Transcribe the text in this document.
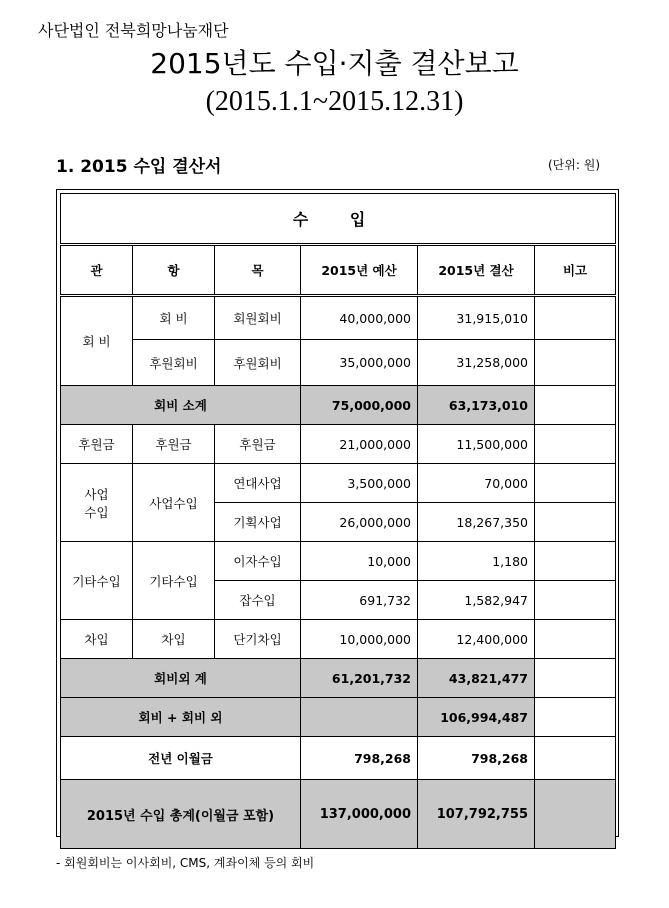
사단법인 전북희망나눔재단
2015년도 수입·지출 결산보고
(2015.1.1~2015.12.31)
1. 2015 수입 결산서	(단위: 원)
수 입					
관	항	목	2015년 예산	2015년 결산	비고
회 비	회 비	회원회비	40,000,000	31,915,010	
	후원회비	후원회비	35,000,000	31,258,000	
회비 소계			75,000,000	63,173,010	
후원금	후원금	후원금	21,000,000	11,500,000	
사업
수입	사업수입	연대사업	3,500,000	70,000	
		기획사업	26,000,000	18,267,350	
기타수입	기타수입	이자수입	10,000	1,180	
		잡수입	691,732	1,582,947	
차입	차입	단기차입	10,000,000	12,400,000	
회비외 계			61,201,732	43,821,477	
회비 + 회비 외				106,994,487	
전년 이월금			798,268	798,268	
2015년 수입 총계(이월금 포함)			137,000,000	107,792,755	
- 회원회비는 이사회비, CMS, 계좌이체 등의 회비
